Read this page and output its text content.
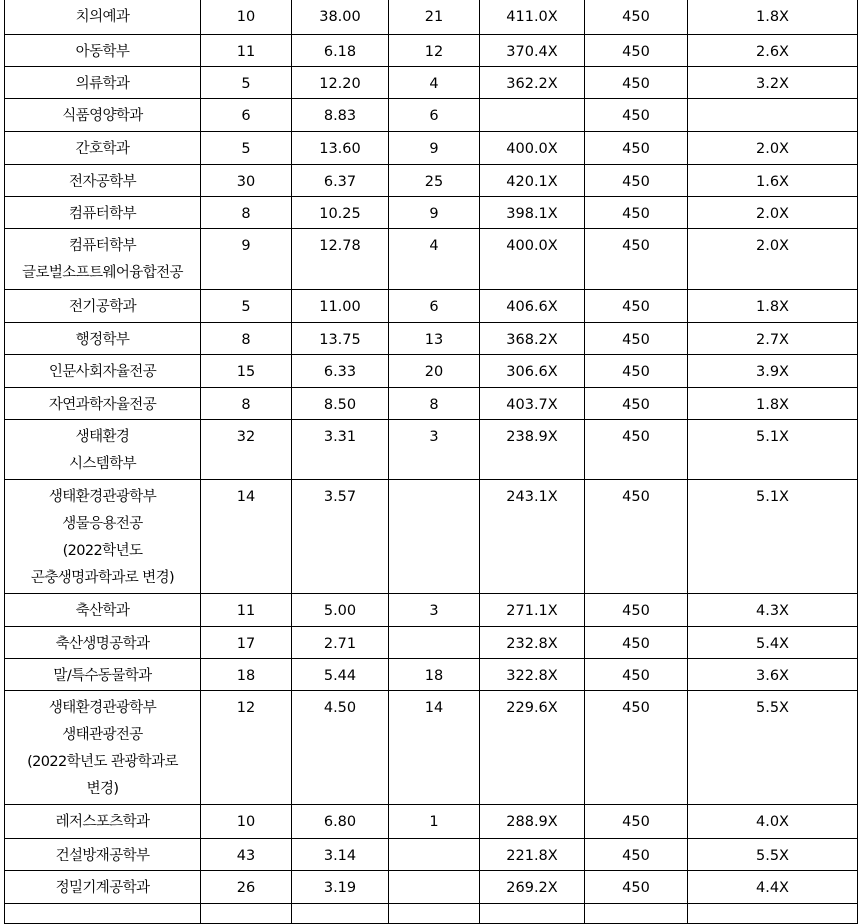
치의예과	10	38.00	21	411.0X	450	1.8X

아동학부	11	6.18	12	370.4X	450	2.6X

의류학과	5	12.20	4	362.2X	450	3.2X

식품영양학과	6	8.83	6		450	

간호학과	5	13.60	9	400.0X	450	2.0X

전자공학부	30	6.37	25	420.1X	450	1.6X

컴퓨터학부	8	10.25	9	398.1X	450	2.0X

컴퓨터학부
글로벌소프트웨어융합전공	9	12.78	4	400.0X	450	2.0X

전기공학과	5	11.00	6	406.6X	450	1.8X

행정학부	8	13.75	13	368.2X	450	2.7X

인문사회자율전공	15	6.33	20	306.6X	450	3.9X

자연과학자율전공	8	8.50	8	403.7X	450	1.8X

생태환경
시스템학부	32	3.31	3	238.9X	450	5.1X

생태환경관광학부
생물응용전공
(2022학년도
곤충생명과학과로 변경)	14	3.57		243.1X	450	5.1X

축산학과	11	5.00	3	271.1X	450	4.3X

축산생명공학과	17	2.71		232.8X	450	5.4X

말/특수동물학과	18	5.44	18	322.8X	450	3.6X

생태환경관광학부
생태관광전공
(2022학년도 관광학과로
변경)	12	4.50	14	229.6X	450	5.5X

레저스포츠학과	10	6.80	1	288.9X	450	4.0X

건설방재공학부	43	3.14		221.8X	450	5.5X

정밀기계공학과	26	3.19		269.2X	450	4.4X
